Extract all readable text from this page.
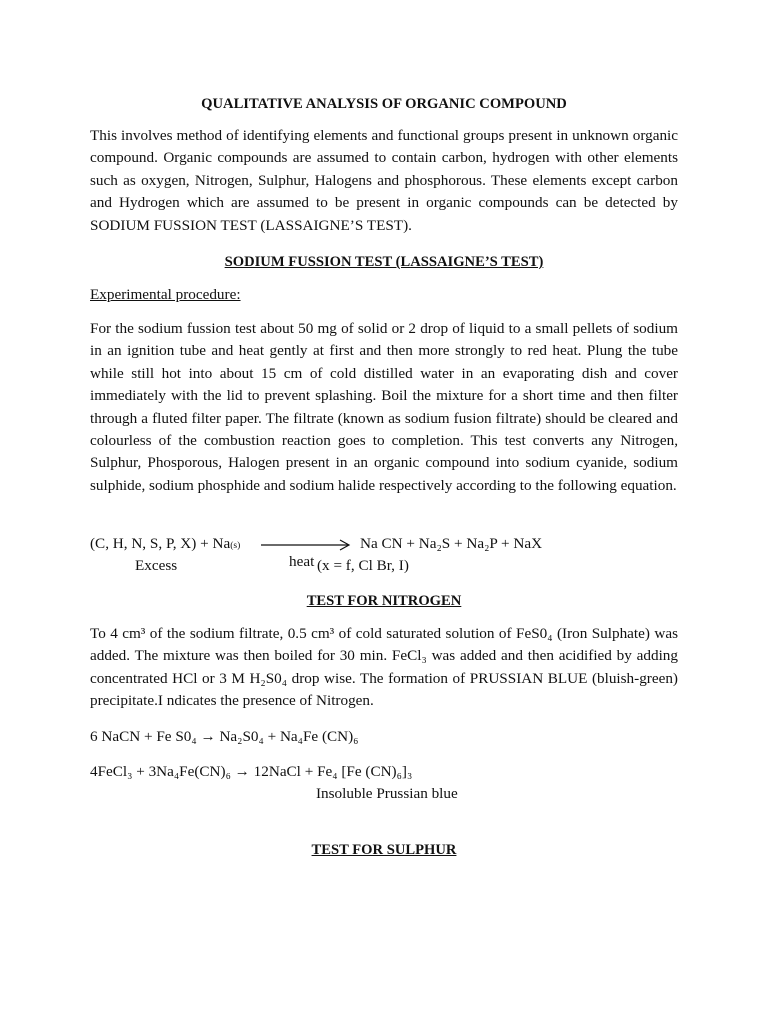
QUALITATIVE ANALYSIS OF ORGANIC COMPOUND
This involves method of identifying elements and functional groups present in unknown organic compound. Organic compounds are assumed to contain carbon, hydrogen with other elements such as oxygen, Nitrogen, Sulphur, Halogens and phosphorous. These elements except carbon and Hydrogen which are assumed to be present in organic compounds can be detected by SODIUM FUSSION TEST (LASSAIGNE’S TEST).
SODIUM FUSSION TEST (LASSAIGNE’S TEST)
Experimental procedure:
For the sodium fussion test about 50 mg of solid or 2 drop of liquid to a small pellets of sodium in an ignition tube and heat gently at first and then more strongly to red heat. Plung the tube while still hot into about 15 cm of cold distilled water in an evaporating dish and cover immediately with the lid to prevent splashing. Boil the mixture for a short time and then filter through a fluted filter paper. The filtrate (known as sodium fusion filtrate) should be cleared and colourless of the combustion reaction goes to completion. This test converts any Nitrogen, Sulphur, Phosporous, Halogen present in an organic compound into sodium cyanide, sodium sulphide, sodium phosphide and sodium halide respectively according to the following equation.
(C, H, N, S, P, X) + Na(s)	Na CN + Na₂S + Na₂P + NaX
Excess	heat (x = f, Cl Br, I)
TEST FOR NITROGEN
To 4 cm³ of the sodium filtrate, 0.5 cm³ of cold saturated solution of FeS0₄ (Iron Sulphate) was added. The mixture was then boiled for 30 min. FeCl₃ was added and then acidified by adding concentrated HCl or 3 M H₂S0₄ drop wise. The formation of PRUSSIAN BLUE (bluish-green) precipitate.I ndicates the presence of Nitrogen.
6 NaCN + Fe S0₄ → Na₂S0₄ + Na₄Fe (CN)₆
4FeCl₃ + 3Na₄Fe(CN)₆ → 12NaCl + Fe₄ [Fe (CN)₆]₃
Insoluble Prussian blue
TEST FOR SULPHUR
